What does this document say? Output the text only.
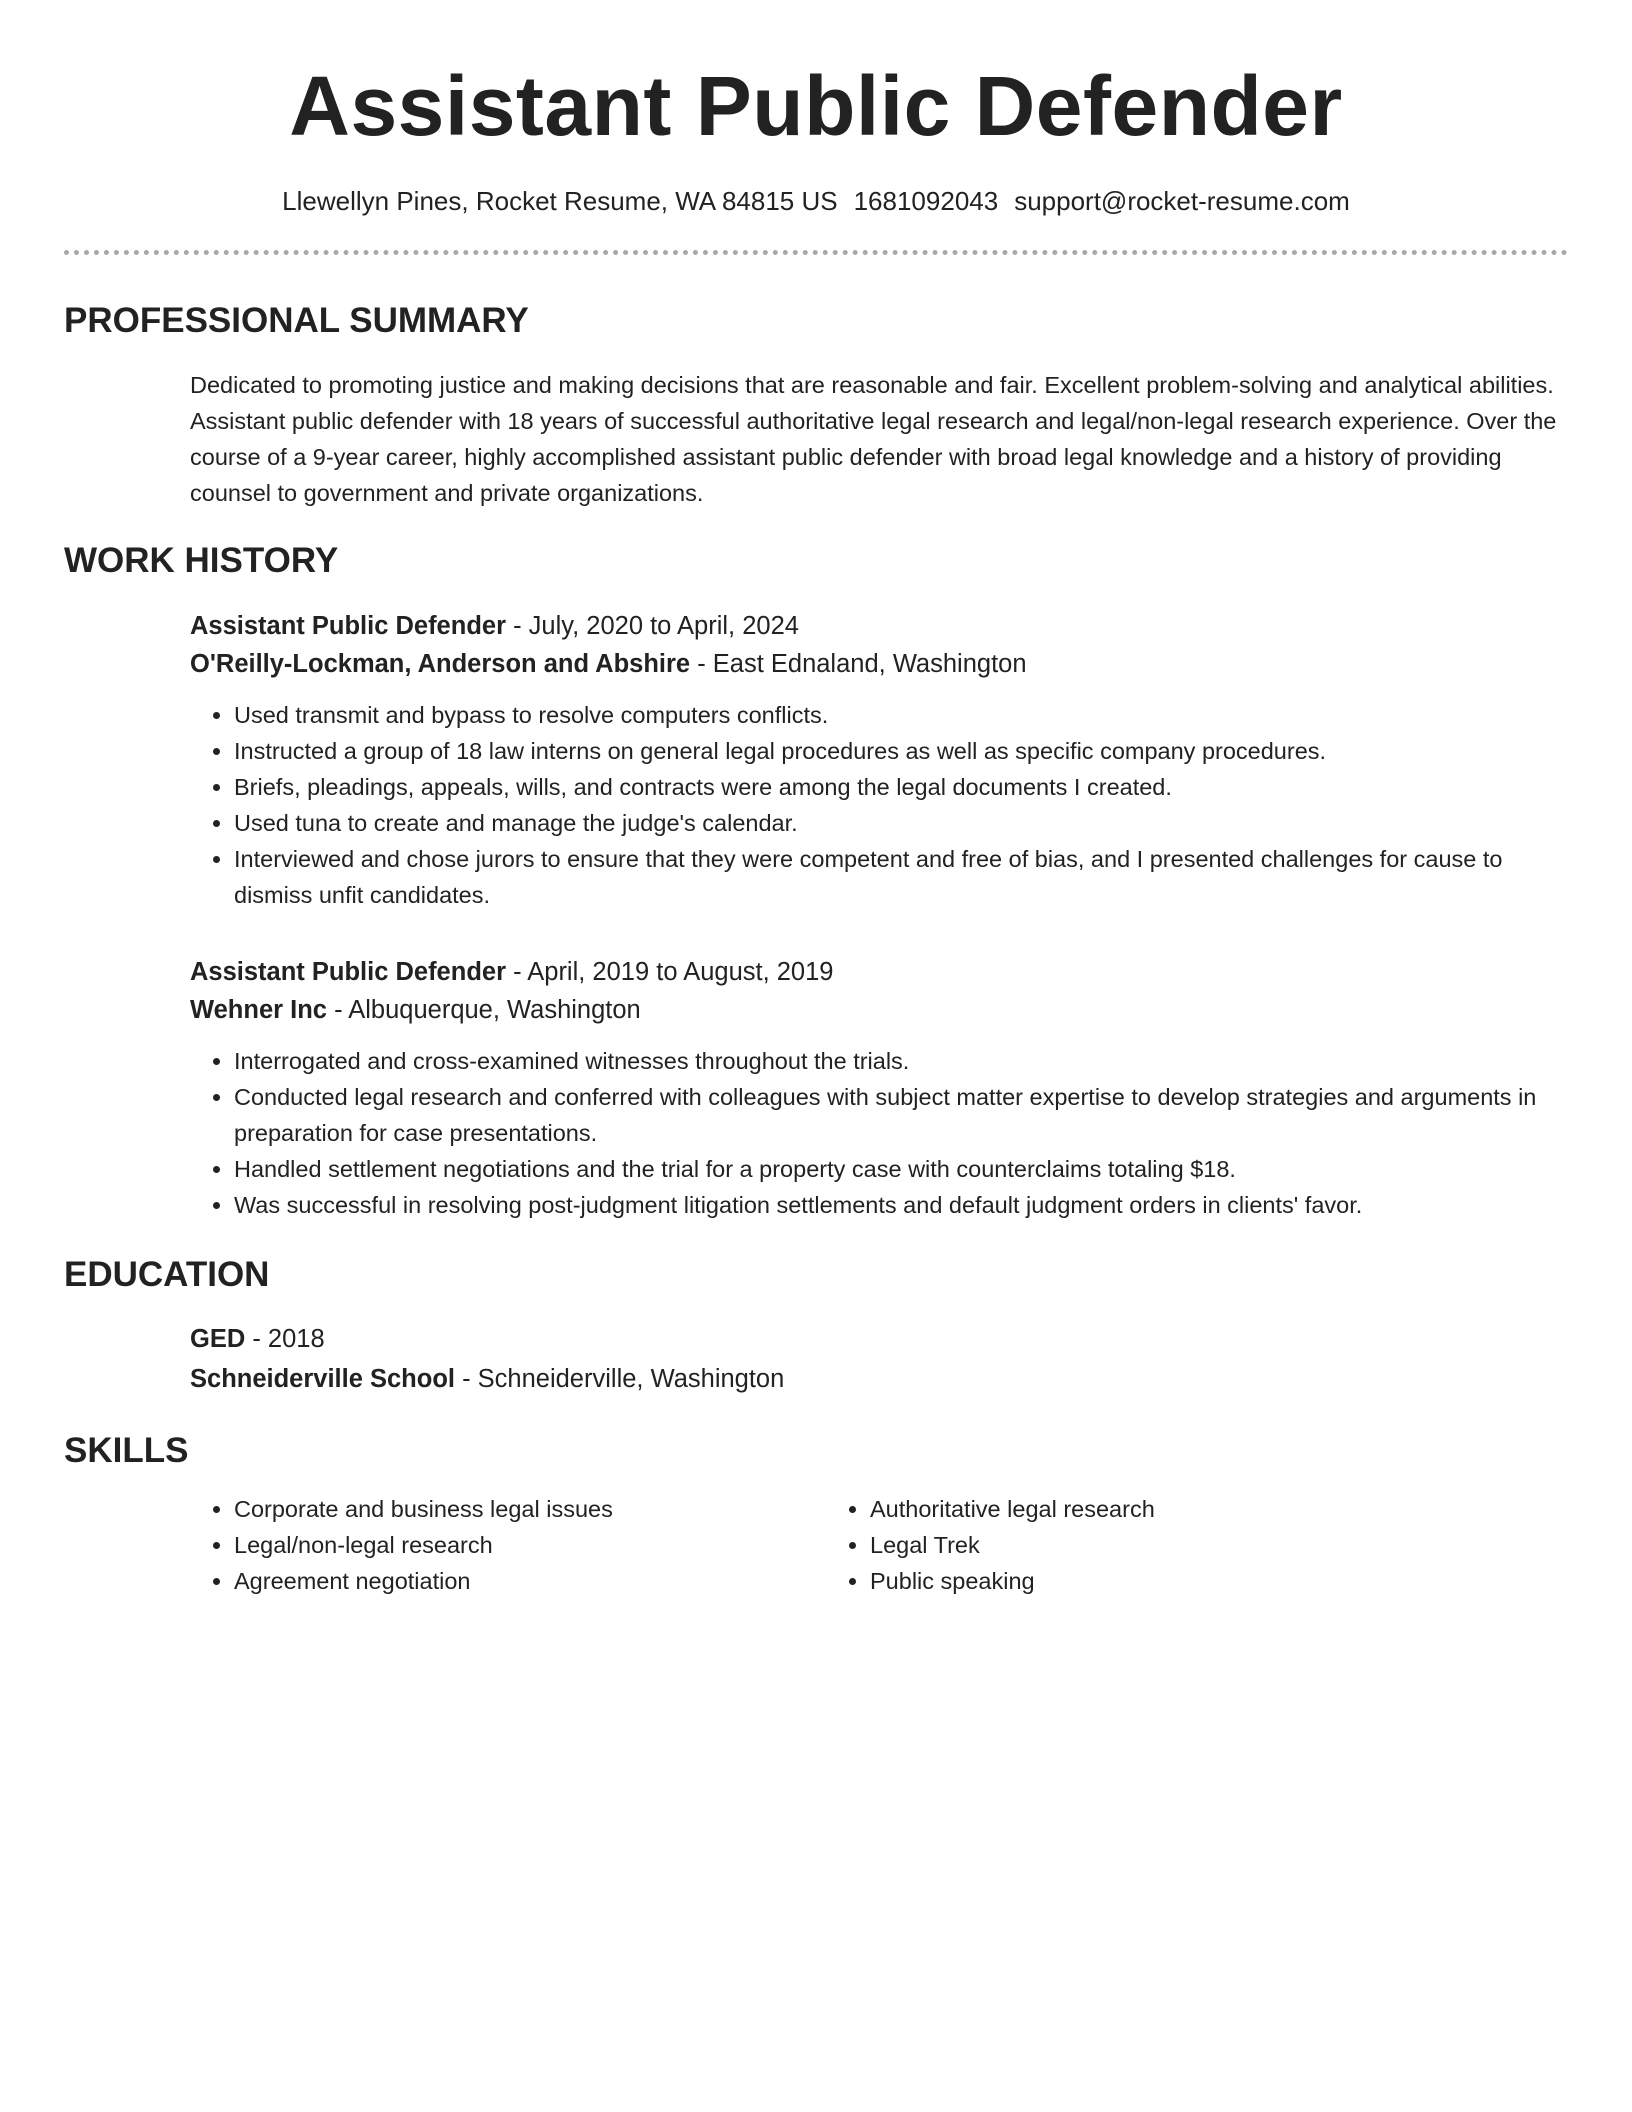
Assistant Public Defender
Llewellyn Pines, Rocket Resume, WA 84815 US 1681092043 support@rocket-resume.com
PROFESSIONAL SUMMARY

Dedicated to promoting justice and making decisions that are reasonable and fair. Excellent problem-solving and analytical abilities. Assistant public defender with 18 years of successful authoritative legal research and legal/non-legal research experience. Over the course of a 9-year career, highly accomplished assistant public defender with broad legal knowledge and a history of providing counsel to government and private organizations.

WORK HISTORY
Assistant Public Defender - July, 2020 to April, 2024
O'Reilly-Lockman, Anderson and Abshire - East Ednaland, Washington
• Used transmit and bypass to resolve computers conflicts.
• Instructed a group of 18 law interns on general legal procedures as well as specific company procedures.
• Briefs, pleadings, appeals, wills, and contracts were among the legal documents I created.
• Used tuna to create and manage the judge's calendar.
• Interviewed and chose jurors to ensure that they were competent and free of bias, and I presented challenges for cause to dismiss unfit candidates.
Assistant Public Defender - April, 2019 to August, 2019
Wehner Inc - Albuquerque, Washington
• Interrogated and cross-examined witnesses throughout the trials.
• Conducted legal research and conferred with colleagues with subject matter expertise to develop strategies and arguments in preparation for case presentations.
• Handled settlement negotiations and the trial for a property case with counterclaims totaling $18.
• Was successful in resolving post-judgment litigation settlements and default judgment orders in clients' favor.
EDUCATION
GED - 2018
Schneiderville School - Schneiderville, Washington
SKILLS
• Corporate and business legal issues
• Legal/non-legal research
• Agreement negotiation
• Authoritative legal research
• Legal Trek
• Public speaking
